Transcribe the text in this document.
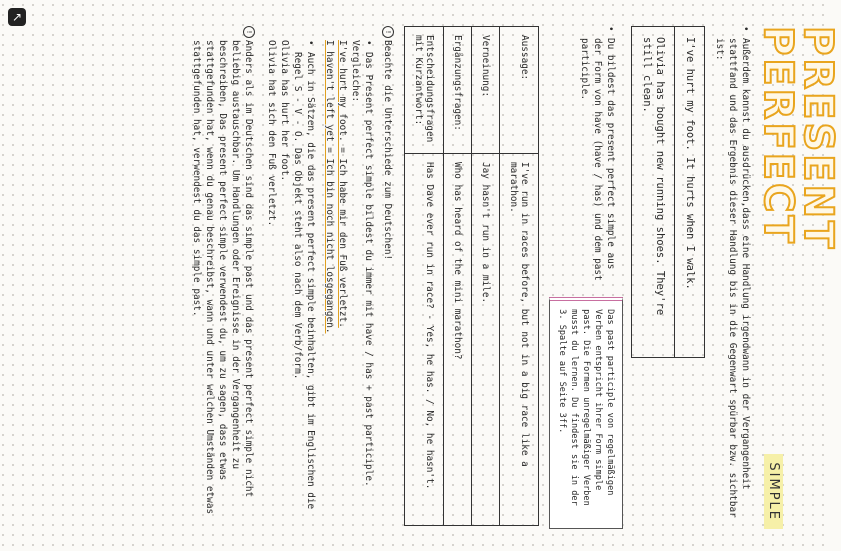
PRESENT PERFECT
SIMPLE
• Außerdem kannst du ausdrücken,dass eine Handlung irgendwann in der Vergangenheit stattfand und das Ergebnis dieser Handlung bis in die Gegenwart spürbar bzw. sichtbar ist:
I've hurt my foot. It hurts when I walk.
Olivia has bought new running shoes. They're still clean.
• Du bildest das present perfect simple aus der Form von have (have / has) und dem past participle.
Das past participle von regelmäßigen Verben entspricht ihrer Form simple past. Die Formen unregelmäßiger Verben musst du lernen. Du findest sie in der 3. Spalte auf Seite 3ff.
Aussage:	I've run in races before, but not in a big race like a marathon.
Verneinung:	Jay hasn't run in a mile.
Ergänzungsfragen:	Who has heard of the mini marathon?
Entscheidungsfragen mit Kurzantwort:	Has Dave ever run in race? - Yes, he has. / No, he hasn't.
!
Beachte die Unterschiede zum Deutschen!
• Das Present perfect simple bildest du immer mit have / has + past participle.
Vergleiche:
I've hurt my foot. = Ich habe mir den Fuß verletzt.
I haven't left yet = Ich bin noch nicht losgegangen.
• Auch in Sätzen, die das present perfect simple beinhalten, gibt im Englischen die Regel S - V - O. Das Objekt steht also nach dem Verb/form.
Olivia has hurt her foot.
Olivia hat sich den Fuß verletzt.
!
Anders als im Deutschen sind das simple past und das present perfect simple nicht beliebig austauschbar. Um Handlungen oder Ereignisse in der Vergangenheit zu beschreiben, Das present perfect simple verwendest du, um zu sagen, dass etwas stattgefunden hat, wenn du genau beschreibst, wann und unter welchen Umständen etwas stattgefunden hat, verwendest du das simple past.
↗
